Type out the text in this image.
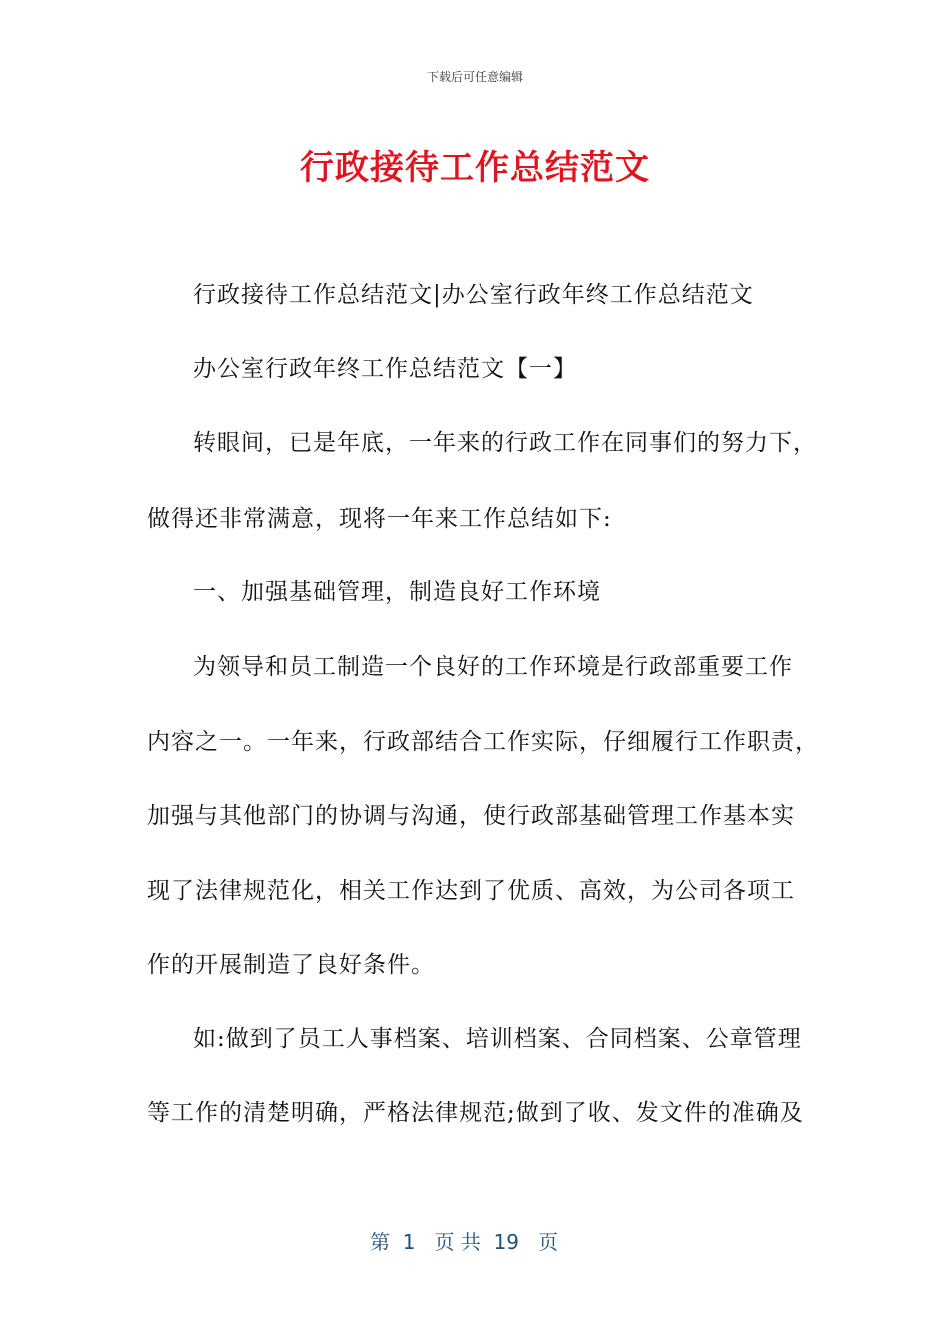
下载后可任意编辑
行政接待工作总结范文
行政接待工作总结范文|办公室行政年终工作总结范文
办公室行政年终工作总结范文【一】
转眼间，已是年底，一年来的行政工作在同事们的努力下，
做得还非常满意，现将一年来工作总结如下:
一、加强基础管理，制造良好工作环境
为领导和员工制造一个良好的工作环境是行政部重要工作
内容之一。一年来，行政部结合工作实际，仔细履行工作职责，
加强与其他部门的协调与沟通，使行政部基础管理工作基本实
现了法律规范化，相关工作达到了优质、高效，为公司各项工
作的开展制造了良好条件。
如:做到了员工人事档案、培训档案、合同档案、公章管理
等工作的清楚明确，严格法律规范;做到了收、发文件的准确及
第  1   页 共  19   页
